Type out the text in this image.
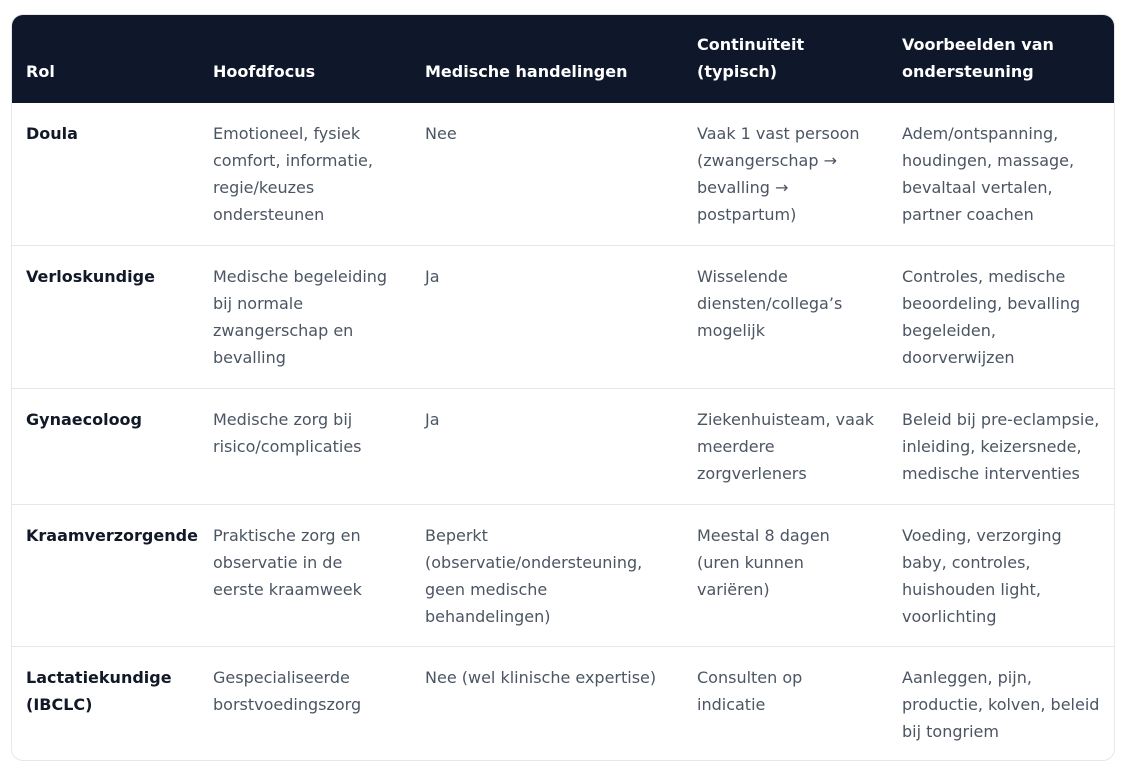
Rol	Hoofdfocus	Medische handelingen	Continuïteit (typisch)	Voorbeelden van ondersteuning
Doula	Emotioneel, fysiek comfort, informatie, regie/keuzes ondersteunen	Nee	Vaak 1 vast persoon (zwangerschap → bevalling → postpartum)	Adem/ontspanning, houdingen, massage, bevaltaal vertalen, partner coachen
Verloskundige	Medische begeleiding bij normale zwangerschap en bevalling	Ja	Wisselende diensten/collega’s mogelijk	Controles, medische beoordeling, bevalling begeleiden, doorverwijzen
Gynaecoloog	Medische zorg bij risico/complicaties	Ja	Ziekenhuisteam, vaak meerdere zorgverleners	Beleid bij pre-eclampsie, inleiding, keizersnede, medische interventies
Kraamverzorgende	Praktische zorg en observatie in de eerste kraamweek	Beperkt (observatie/ondersteuning, geen medische behandelingen)	Meestal 8 dagen (uren kunnen variëren)	Voeding, verzorging baby, controles, huishouden light, voorlichting
Lactatiekundige (IBCLC)	Gespecialiseerde borstvoedingszorg	Nee (wel klinische expertise)	Consulten op indicatie	Aanleggen, pijn, productie, kolven, beleid bij tongriem
